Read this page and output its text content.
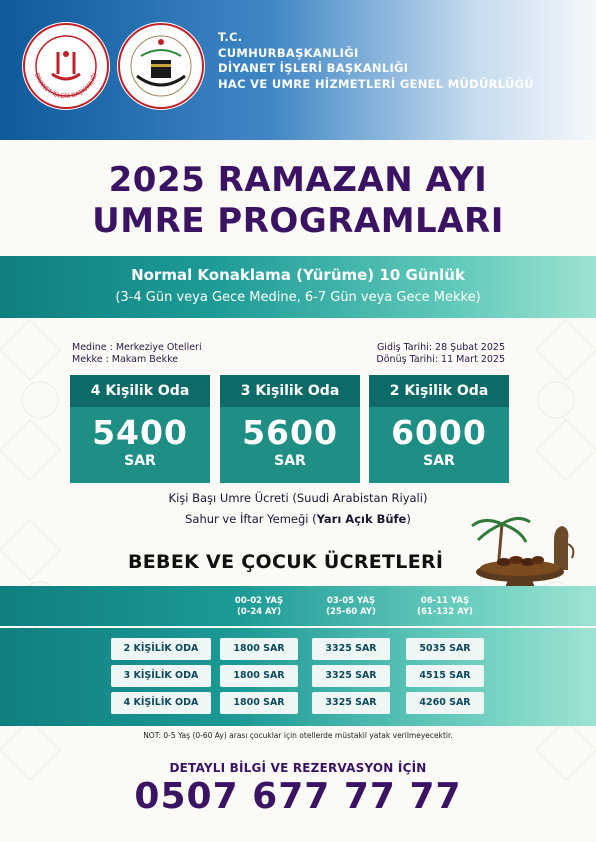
DİYANET İŞLERİ BAŞKANLIĞI
T.C.
CUMHURBAŞKANLIĞI
DİYANET İŞLERİ BAŞKANLIĞI
HAC VE UMRE HİZMETLERİ GENEL MÜDÜRLÜĞÜ
2025 RAMAZAN AYI
UMRE PROGRAMLARI
Normal Konaklama (Yürüme) 10 Günlük
(3-4 Gün veya Gece Medine, 6-7 Gün veya Gece Mekke)
Medine : Merkeziye Otelleri
Mekke : Makam Bekke
Gidiş Tarihi: 28 Şubat 2025
Dönüş Tarihi: 11 Mart 2025
4 Kişilik Oda
5400
SAR
3 Kişilik Oda
5600
SAR
2 Kişilik Oda
6000
SAR
Kişi Başı Umre Ücreti (Suudi Arabistan Riyali)
Sahur ve İftar Yemeği (Yarı Açık Büfe)
BEBEK VE ÇOCUK ÜCRETLERİ
00-02 YAŞ
(0-24 AY)
03-05 YAŞ
(25-60 AY)
06-11 YAŞ
(61-132 AY)
2 KİŞİLİK ODA	1800 SAR	3325 SAR	5035 SAR
3 KİŞİLİK ODA	1800 SAR	3325 SAR	4515 SAR
4 KİŞİLİK ODA	1800 SAR	3325 SAR	4260 SAR
NOT: 0-5 Yaş (0-60 Ay) arası çocuklar için otellerde müstakil yatak verilmeyecektir.
DETAYLI BİLGİ VE REZERVASYON İÇİN
0507 677 77 77
